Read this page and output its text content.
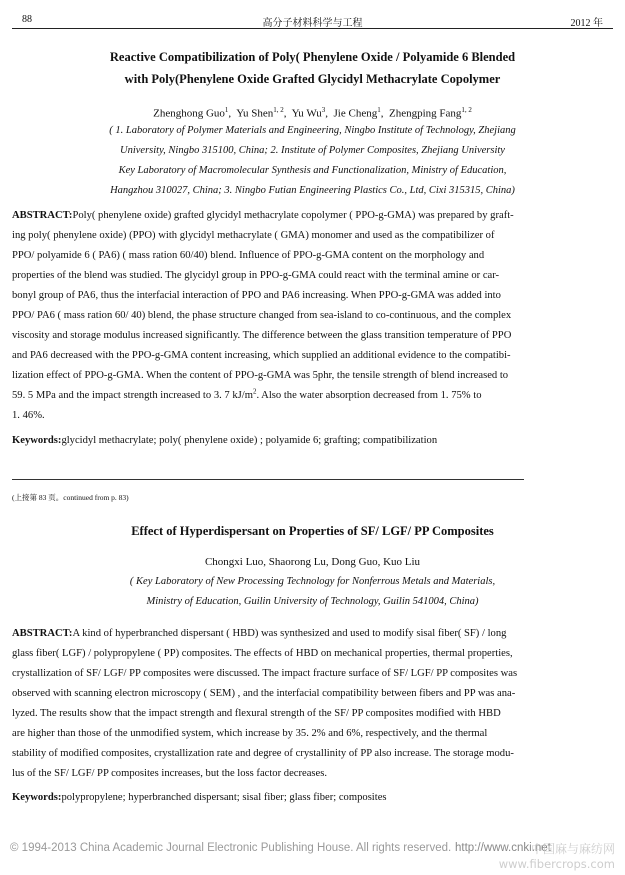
88	高分子材料科学与工程	2012 年
Reactive Compatibilization of Poly( Phenylene Oxide / Polyamide 6 Blended
with Poly(Phenylene Oxide Grafted Glycidyl Methacrylate Copolymer
Zhenghong Guo$^1$,  Yu Shen$^{1, 2}$,  Yu Wu$^3$,  Jie Cheng$^1$,  Zhengping Fang$^{1, 2}$
( 1. Laboratory of Polymer Materials and Engineering, Ningbo Institute of Technology, Zhejiang
University, Ningbo 315100, China; 2. Institute of Polymer Composites, Zhejiang University
Key Laboratory of Macromolecular Synthesis and Functionalization, Ministry of Education,
Hangzhou 310027, China; 3. Ningbo Futian Engineering Plastics Co., Ltd, Cixi 315315, China)
ABSTRACT:Poly( phenylene oxide) grafted glycidyl methacrylate copolymer ( PPO-g-GMA) was prepared by graft-
ing poly( phenylene oxide) (PPO) with glycidyl methacrylate ( GMA) monomer and used as the compatibilizer of
PPO/ polyamide 6 ( PA6) ( mass ration 60/40) blend. Influence of PPO-g-GMA content on the morphology and
properties of the blend was studied. The glycidyl group in PPO-g-GMA could react with the terminal amine or car-
bonyl group of PA6, thus the interfacial interaction of PPO and PA6 increasing. When PPO-g-GMA was added into
PPO/ PA6 ( mass ration 60/ 40) blend, the phase structure changed from sea-island to co-continuous, and the complex
viscosity and storage modulus increased significantly. The difference between the glass transition temperature of PPO
and PA6 decreased with the PPO-g-GMA content increasing, which supplied an additional evidence to the compatibi-
lization effect of PPO-g-GMA. When the content of PPO-g-GMA was 5phr, the tensile strength of blend increased to
59. 5 MPa and the impact strength increased to 3. 7 $kJ/m^2$. Also the water absorption decreased from 1. 75% to
1. 46%.
Keywords:glycidyl methacrylate; poly( phenylene oxide) ; polyamide 6; grafting; compatibilization
(上接第 83 页。continued from p. 83)
Effect of Hyperdispersant on Properties of SF/ LGF/ PP Composites
Chongxi Luo, Shaorong Lu, Dong Guo, Kuo Liu
( Key Laboratory of New Processing Technology for Nonferrous Metals and Materials,
Ministry of Education, Guilin University of Technology, Guilin 541004, China)
ABSTRACT:A kind of hyperbranched dispersant ( HBD) was synthesized and used to modify sisal fiber( SF) / long
glass fiber( LGF) / polypropylene ( PP) composites. The effects of HBD on mechanical properties, thermal properties,
crystallization of SF/ LGF/ PP composites were discussed. The impact fracture surface of SF/ LGF/ PP composites was
observed with scanning electron microscopy ( SEM) , and the interfacial compatibility between fibers and PP was ana-
lyzed. The results show that the impact strength and flexural strength of the SF/ PP composites modified with HBD
are higher than those of the unmodified system, which increase by 35. 2% and 6%, respectively, and the thermal
stability of modified composites, crystallization rate and degree of crystallinity of PP also increase. The storage modu-
lus of the SF/ LGF/ PP composites increases, but the loss factor decreases.
Keywords:polypropylene; hyperbranched dispersant; sisal fiber; glass fiber; composites
© 1994-2013 China Academic Journal Electronic Publishing House. All rights reserved. http://www.cnki.net
中国麻与麻纺网
www.fibercrops.com
